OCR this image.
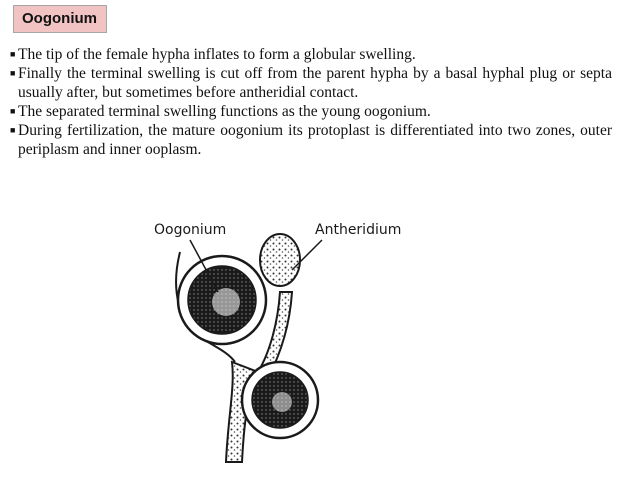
Oogonium
■ The tip of the female hypha inflates to form a globular swelling.
■ Finally the terminal swelling is cut off from the parent hypha by a basal hyphal plug or septa usually after, but sometimes before antheridial contact.
■ The separated terminal swelling functions as the young oogonium.
■ During fertilization, the mature oogonium its protoplast is differentiated into two zones, outer periplasm and inner ooplasm.
Oogonium	Antheridium
